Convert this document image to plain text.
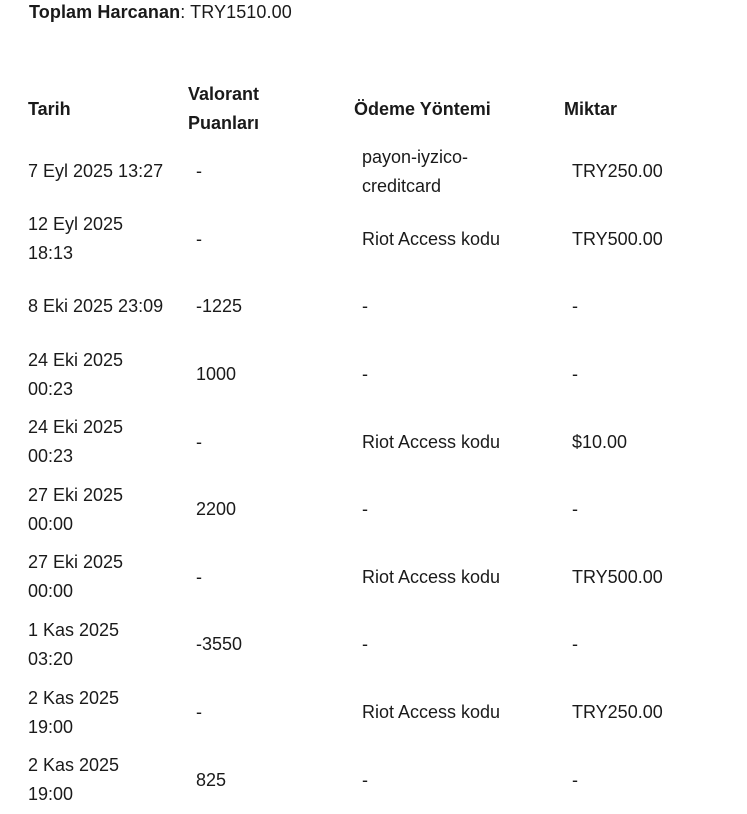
Toplam Harcanan: TRY1510.00
Tarih	Valorant Puanları	Ödeme Yöntemi	Miktar

7 Eyl 2025 13:27	-	payon-iyzico-creditcard	TRY250.00

12 Eyl 2025 18:13	-	Riot Access kodu	TRY500.00

8 Eki 2025 23:09	-1225	-	-

24 Eki 2025 00:23	1000	-	-

24 Eki 2025 00:23	-	Riot Access kodu	$10.00

27 Eki 2025 00:00	2200	-	-

27 Eki 2025 00:00	-	Riot Access kodu	TRY500.00

1 Kas 2025 03:20	-3550	-	-

2 Kas 2025 19:00	-	Riot Access kodu	TRY250.00

2 Kas 2025 19:00	825	-	-
